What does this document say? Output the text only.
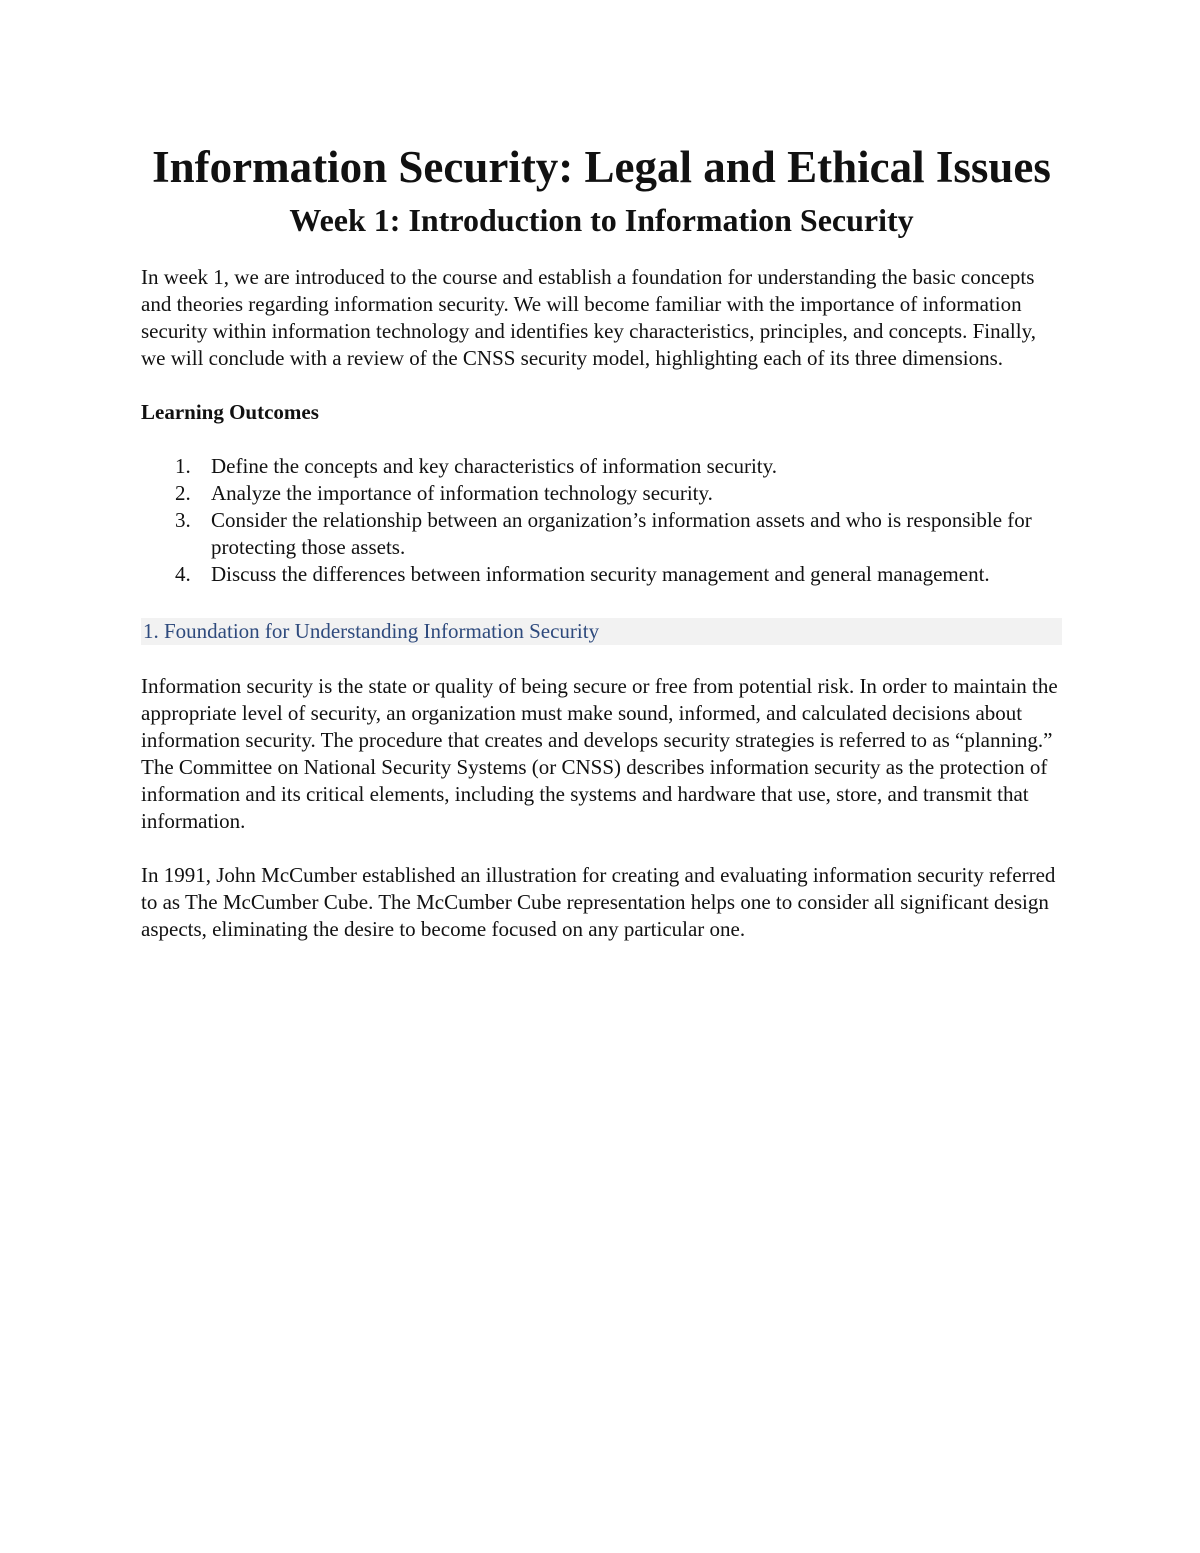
Information Security: Legal and Ethical Issues
Week 1: Introduction to Information Security

In week 1, we are introduced to the course and establish a foundation for understanding the basic concepts and theories regarding information security. We will become familiar with the importance of information security within information technology and identifies key characteristics, principles, and concepts. Finally, we will conclude with a review of the CNSS security model, highlighting each of its three dimensions.

Learning Outcomes

1. Define the concepts and key characteristics of information security.
2. Analyze the importance of information technology security.
3. Consider the relationship between an organization’s information assets and who is responsible for protecting those assets.
4. Discuss the differences between information security management and general management.
1. Foundation for Understanding Information Security

Information security is the state or quality of being secure or free from potential risk. In order to maintain the appropriate level of security, an organization must make sound, informed, and calculated decisions about information security. The procedure that creates and develops security strategies is referred to as “planning.” The Committee on National Security Systems (or CNSS) describes information security as the protection of information and its critical elements, including the systems and hardware that use, store, and transmit that information.

In 1991, John McCumber established an illustration for creating and evaluating information security referred to as The McCumber Cube. The McCumber Cube representation helps one to consider all significant design aspects, eliminating the desire to become focused on any particular one.
